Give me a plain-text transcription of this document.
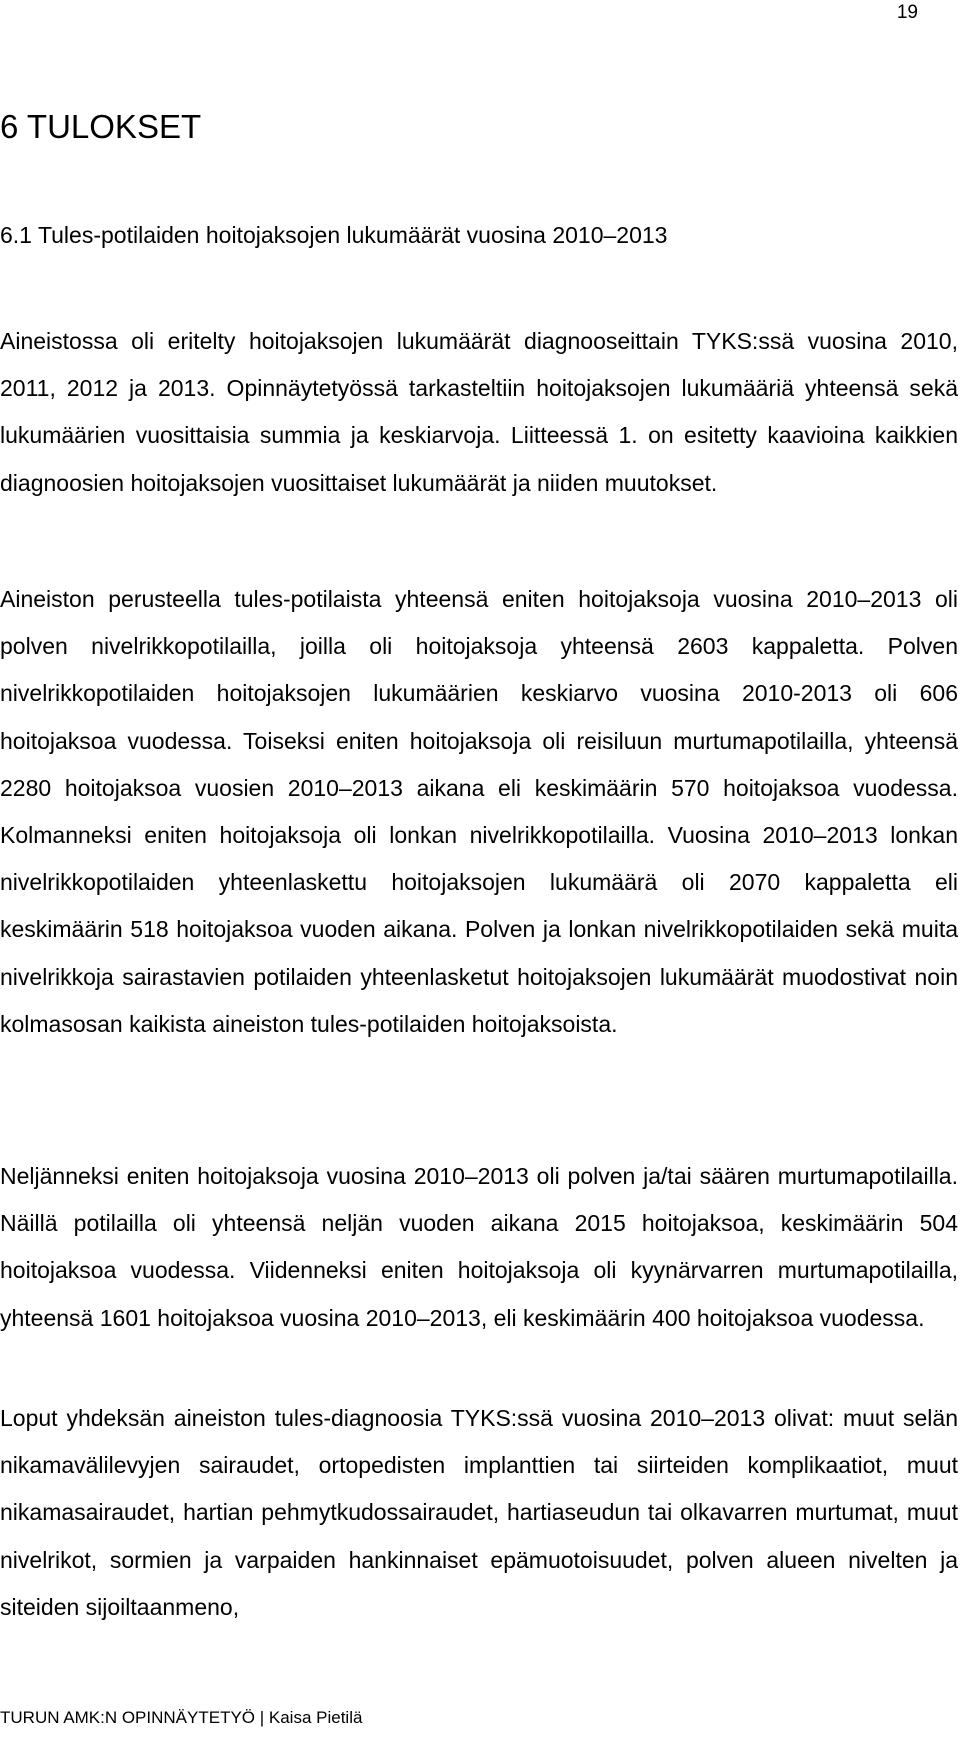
19
6 TULOKSET
6.1 Tules-potilaiden hoitojaksojen lukumäärät vuosina 2010–2013

Aineistossa oli eritelty hoitojaksojen lukumäärät diagnooseittain TYKS:ssä vuosina 2010, 2011, 2012 ja 2013. Opinnäytetyössä tarkasteltiin hoitojaksojen lukumääriä yhteensä sekä lukumäärien vuosittaisia summia ja keskiarvoja. Liitteessä 1. on esitetty kaavioina kaikkien diagnoosien hoitojaksojen vuosittaiset lukumäärät ja niiden muutokset.

Aineiston perusteella tules-potilaista yhteensä eniten hoitojaksoja vuosina 2010–2013 oli polven nivelrikkopotilailla, joilla oli hoitojaksoja yhteensä 2603 kappaletta. Polven nivelrikkopotilaiden hoitojaksojen lukumäärien keskiarvo vuosina 2010-2013 oli 606 hoitojaksoa vuodessa. Toiseksi eniten hoitojaksoja oli reisiluun murtumapotilailla, yhteensä 2280 hoitojaksoa vuosien 2010–2013 aikana eli keskimäärin 570 hoitojaksoa vuodessa. Kolmanneksi eniten hoitojaksoja oli lonkan nivelrikkopotilailla. Vuosina 2010–2013 lonkan nivelrikkopotilaiden yhteenlaskettu hoitojaksojen lukumäärä oli 2070 kappaletta eli keskimäärin 518 hoitojaksoa vuoden aikana. Polven ja lonkan nivelrikkopotilaiden sekä muita nivelrikkoja sairastavien potilaiden yhteenlasketut hoitojaksojen lukumäärät muodostivat noin kolmasosan kaikista aineiston tules-potilaiden hoitojaksoista.

Neljänneksi eniten hoitojaksoja vuosina 2010–2013 oli polven ja/tai säären murtumapotilailla. Näillä potilailla oli yhteensä neljän vuoden aikana 2015 hoitojaksoa, keskimäärin 504 hoitojaksoa vuodessa. Viidenneksi eniten hoitojaksoja oli kyynärvarren murtumapotilailla, yhteensä 1601 hoitojaksoa vuosina 2010–2013, eli keskimäärin 400 hoitojaksoa vuodessa.

Loput yhdeksän aineiston tules-diagnoosia TYKS:ssä vuosina 2010–2013 olivat: muut selän nikamavälilevyjen sairaudet, ortopedisten implanttien tai siirteiden komplikaatiot, muut nikamasairaudet, hartian pehmytkudossairaudet, hartiaseudun tai olkavarren murtumat, muut nivelrikot, sormien ja varpaiden hankinnaiset epämuotoisuudet, polven alueen nivelten ja siteiden sijoiltaanmeno,

TURUN AMK:N OPINNÄYTETYÖ | Kaisa Pietilä
